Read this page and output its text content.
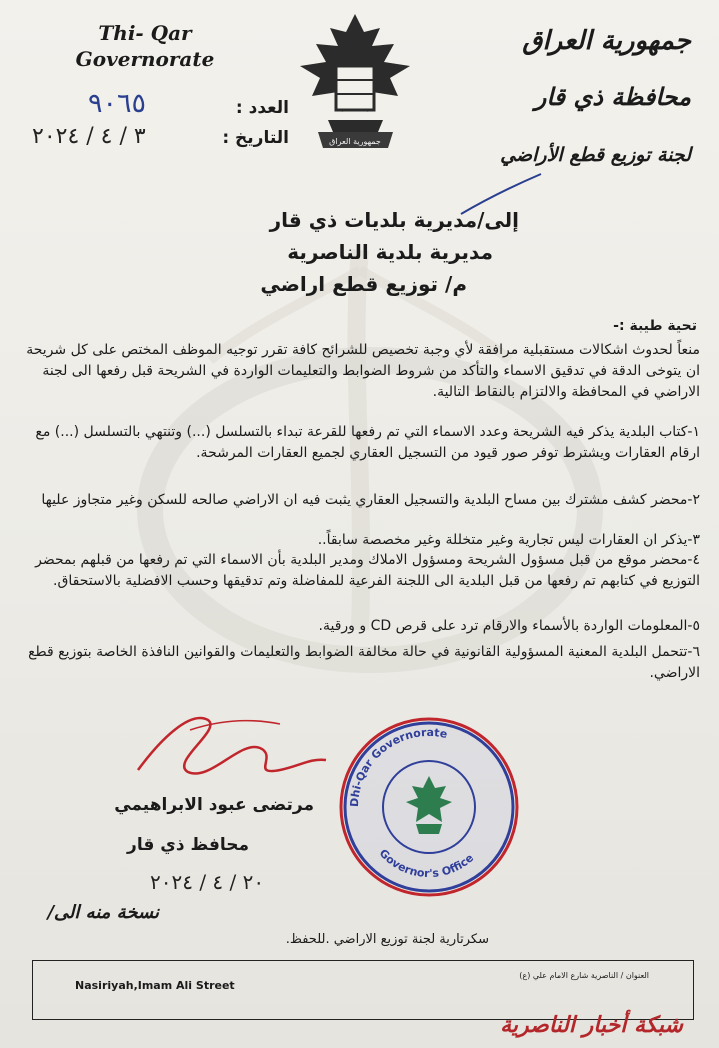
Thi- Qar
Governorate
جمهورية العراق
جمهورية العراق
محافظة ذي قار
لجنة توزيع قطع الأراضي
العدد :
٩٠٦٥
التاريخ :
٣ / ٤ / ٢٠٢٤
إلى/مديرية بلديات ذي قار
مديرية بلدية الناصرية
م/ توزيع قطع اراضي
تحية طيبة :-
منعاً لحدوث اشكالات مستقبلية مرافقة لأي وجبة تخصيص للشرائح كافة تقرر توجيه الموظف المختص على كل شريحة ان يتوخى الدقة في تدقيق الاسماء والتأكد من شروط الضوابط والتعليمات الواردة في الشريحة قبل رفعها الى لجنة الاراضي في المحافظة والالتزام بالنقاط التالية.
١-كتاب البلدية يذكر فيه الشريحة وعدد الاسماء التي تم رفعها للقرعة تبداء بالتسلسل (...) وتنتهي بالتسلسل (...) مع ارقام العقارات ويشترط توفر صور قيود من التسجيل العقاري لجميع العقارات المرشحة.
٢-محضر كشف مشترك بين مساح البلدية والتسجيل العقاري يثبت فيه ان الاراضي صالحه للسكن وغير متجاوز عليها
٣-يذكر ان العقارات ليس تجارية وغير متخللة وغير مخصصة سابقاً..
٤-محضر موقع من قبل مسؤول الشريحة ومسؤول الاملاك ومدير البلدية بأن الاسماء التي تم رفعها من قبلهم بمحضر التوزيع في كتابهم تم رفعها من قبل البلدية الى اللجنة الفرعية للمفاضلة وتم تدقيقها وحسب الافضلية بالاستحقاق.
٥-المعلومات الواردة بالأسماء والارقام ترد على قرص CD و ورقية.
٦-تتحمل البلدية المعنية المسؤولية القانونية في حالة مخالفة الضوابط والتعليمات والقوانين النافذة الخاصة بتوزيع قطع الاراضي.
مرتضى عبود الابراهيمي
محافظ ذي قار
٢٠ / ٤ / ٢٠٢٤
Dhi-Qar Governorate
Governor's Office
نسخة منه الى/
سكرتارية لجنة توزيع الاراضي .للحفظ.
Nasiriyah,Imam Ali Street
العنوان / الناصرية شارع الامام علي (ع)
شبكة أخبار الناصرية
